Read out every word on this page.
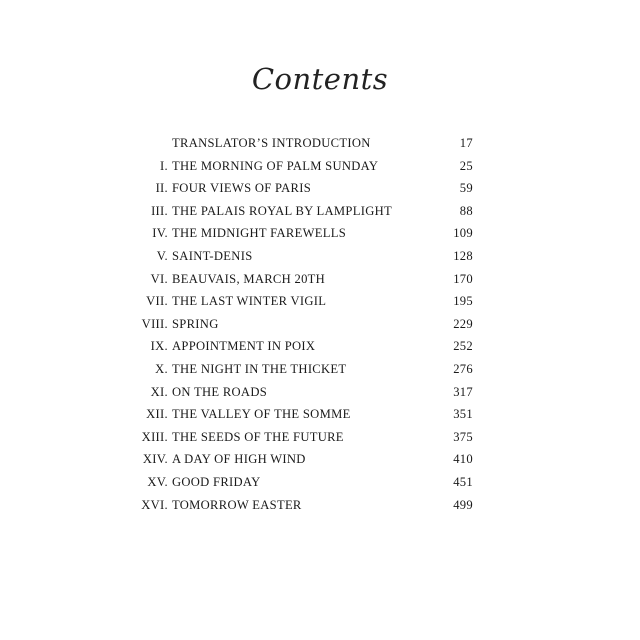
Contents
TRANSLATOR’S INTRODUCTION	17
I. THE MORNING OF PALM SUNDAY	25
II. FOUR VIEWS OF PARIS	59
III. THE PALAIS ROYAL BY LAMPLIGHT	88
IV. THE MIDNIGHT FAREWELLS	109
V. SAINT-DENIS	128
VI. BEAUVAIS, MARCH 20TH	170
VII. THE LAST WINTER VIGIL	195
VIII. SPRING	229
IX. APPOINTMENT IN POIX	252
X. THE NIGHT IN THE THICKET	276
XI. ON THE ROADS	317
XII. THE VALLEY OF THE SOMME	351
XIII. THE SEEDS OF THE FUTURE	375
XIV. A DAY OF HIGH WIND	410
XV. GOOD FRIDAY	451
XVI. TOMORROW EASTER	499
